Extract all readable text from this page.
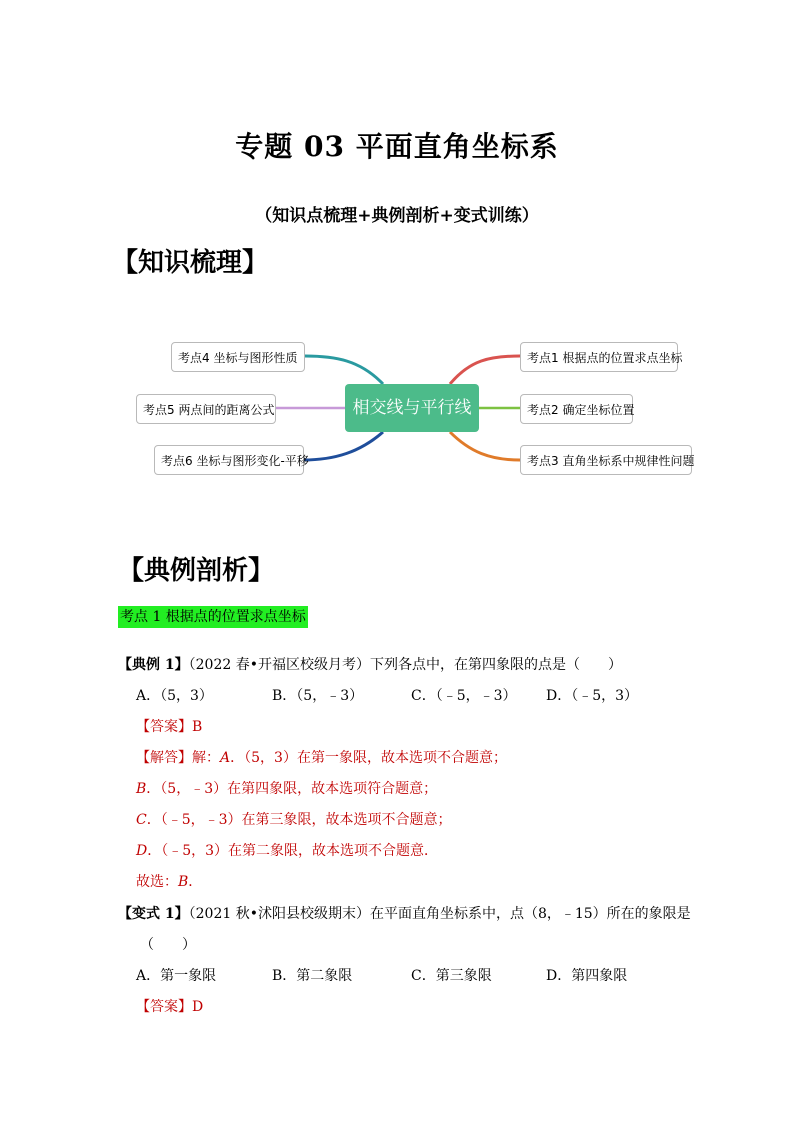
专题 03 平面直角坐标系
（知识点梳理+典例剖析+变式训练）
【知识梳理】
相交线与平行线
考点4 坐标与图形性质
考点5 两点间的距离公式
考点6 坐标与图形变化-平移
考点1 根据点的位置求点坐标
考点2 确定坐标位置
考点3 直角坐标系中规律性问题
【典例剖析】
考点 1 根据点的位置求点坐标
【典例 1】（2022 春•开福区校级月考）下列各点中，在第四象限的点是（　　）
A．（5，3）	B．（5，﹣3）	C．（﹣5，﹣3） D．（﹣5，3）
【答案】B
【解答】解：A．（5，3）在第一象限，故本选项不合题意；
B．（5，﹣3）在第四象限，故本选项符合题意；
C．（﹣5，﹣3）在第三象限，故本选项不合题意；
D．（﹣5，3）在第二象限，故本选项不合题意．
故选：B．
【变式 1】（2021 秋•沭阳县校级期末）在平面直角坐标系中，点（8，﹣15）所在的象限是
（　　）
A．第一象限	B．第二象限	C．第三象限	D．第四象限
【答案】D
